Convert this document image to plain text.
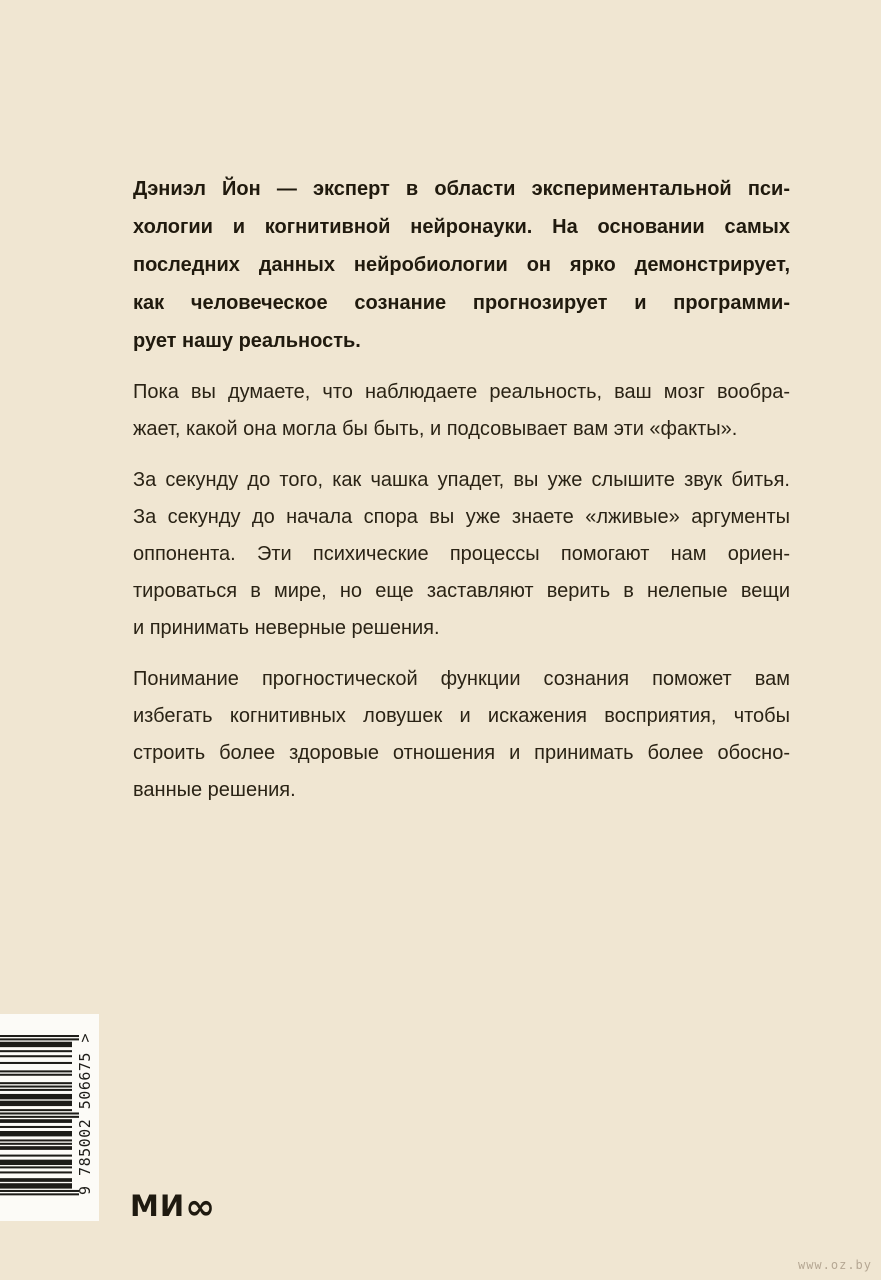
Дэниэл Йон — эксперт в области экспериментальной пси-
хологии и когнитивной нейронауки. На основании самых
последних данных нейробиологии он ярко демонстрирует,
как человеческое сознание прогнозирует и программи-
рует нашу реальность.
Пока вы думаете, что наблюдаете реальность, ваш мозг вообра-
жает, какой она могла бы быть, и подсовывает вам эти «факты».
За секунду до того, как чашка упадет, вы уже слышите звук битья.
За секунду до начала спора вы уже знаете «лживые» аргументы
оппонента. Эти психические процессы помогают нам ориен-
тироваться в мире, но еще заставляют верить в нелепые вещи
и принимать неверные решения.
Понимание прогностической функции сознания поможет вам
избегать когнитивных ловушек и искажения восприятия, чтобы
строить более здоровые отношения и принимать более обосно-
ванные решения.
9 785002 506675 >
МИ∞
www.oz.by
